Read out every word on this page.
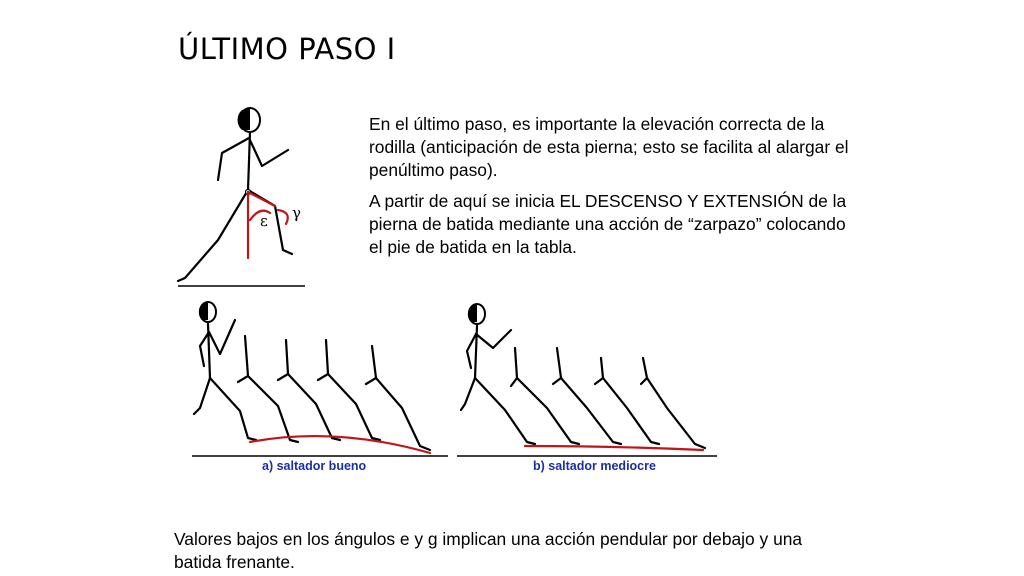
ÚLTIMO PASO I

En el último paso, es importante la elevación correcta de la rodilla (anticipación de esta pierna; esto se facilita al alargar el penúltimo paso).

A partir de aquí se inicia EL DESCENSO Y EXTENSIÓN de la pierna de batida mediante una acción de “zarpazo” colocando el pie de batida en la tabla.

ε γ
a) saltador bueno	b) saltador mediocre

Valores bajos en los ángulos e y g implican una acción pendular por debajo y una batida frenante.
